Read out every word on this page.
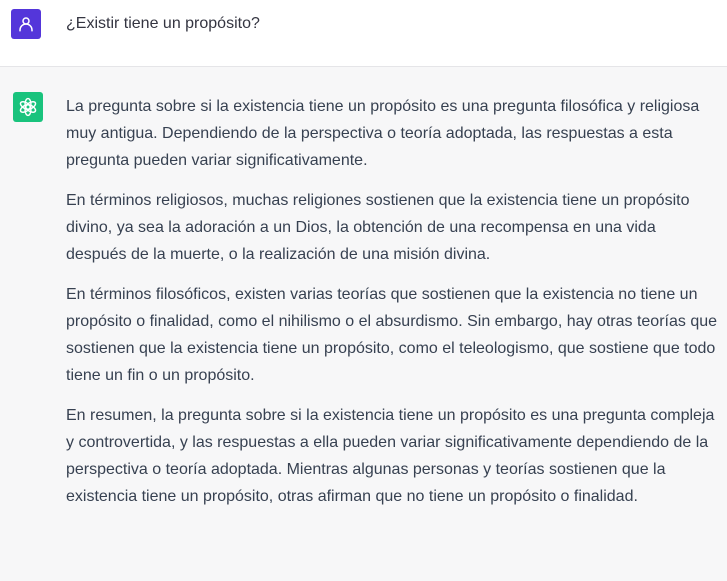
¿Existir tiene un propósito?

La pregunta sobre si la existencia tiene un propósito es una pregunta filosófica y religiosa muy antigua. Dependiendo de la perspectiva o teoría adoptada, las respuestas a esta pregunta pueden variar significativamente.

En términos religiosos, muchas religiones sostienen que la existencia tiene un propósito divino, ya sea la adoración a un Dios, la obtención de una recompensa en una vida después de la muerte, o la realización de una misión divina.

En términos filosóficos, existen varias teorías que sostienen que la existencia no tiene un propósito o finalidad, como el nihilismo o el absurdismo. Sin embargo, hay otras teorías que sostienen que la existencia tiene un propósito, como el teleologismo, que sostiene que todo tiene un fin o un propósito.

En resumen, la pregunta sobre si la existencia tiene un propósito es una pregunta compleja y controvertida, y las respuestas a ella pueden variar significativamente dependiendo de la perspectiva o teoría adoptada. Mientras algunas personas y teorías sostienen que la existencia tiene un propósito, otras afirman que no tiene un propósito o finalidad.
